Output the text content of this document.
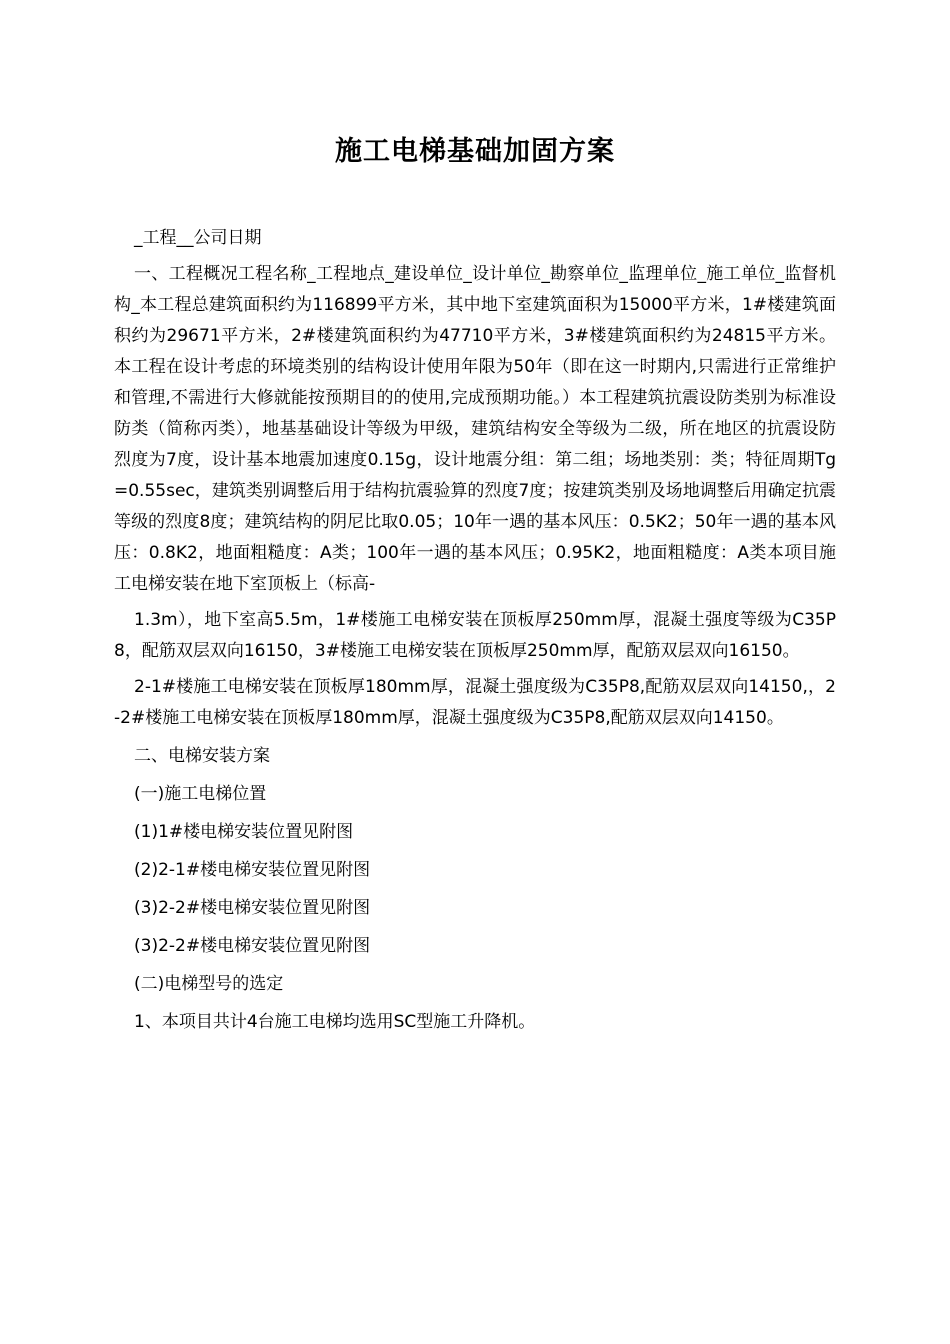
施工电梯基础加固方案

_工程__公司日期

一、工程概况工程名称_工程地点_建设单位_设计单位_勘察单位_监理单位_施工单位_监督机构_本工程总建筑面积约为116899平方米，其中地下室建筑面积为15000平方米，1#楼建筑面积约为29671平方米，2#楼建筑面积约为47710平方米，3#楼建筑面积约为24815平方米。本工程在设计考虑的环境类别的结构设计使用年限为50年（即在这一时期内,只需进行正常维护和管理,不需进行大修就能按预期目的的使用,完成预期功能。）本工程建筑抗震设防类别为标准设防类（简称丙类），地基基础设计等级为甲级，建筑结构安全等级为二级，所在地区的抗震设防烈度为7度，设计基本地震加速度0.15g，设计地震分组：第二组；场地类别：类；特征周期Tg=0.55sec，建筑类别调整后用于结构抗震验算的烈度7度；按建筑类别及场地调整后用确定抗震等级的烈度8度；建筑结构的阴尼比取0.05；10年一遇的基本风压：0.5K2；50年一遇的基本风压：0.8K2，地面粗糙度：A类；100年一遇的基本风压；0.95K2，地面粗糙度：A类本项目施工电梯安装在地下室顶板上（标高-

1.3m），地下室高5.5m，1#楼施工电梯安装在顶板厚250mm厚，混凝土强度等级为C35P8，配筋双层双向16150，3#楼施工电梯安装在顶板厚250mm厚，配筋双层双向16150。

2-1#楼施工电梯安装在顶板厚180mm厚，混凝土强度级为C35P8,配筋双层双向14150,，2-2#楼施工电梯安装在顶板厚180mm厚，混凝土强度级为C35P8,配筋双层双向14150。

二、电梯安装方案

(一)施工电梯位置

(1)1#楼电梯安装位置见附图

(2)2-1#楼电梯安装位置见附图

(3)2-2#楼电梯安装位置见附图

(3)2-2#楼电梯安装位置见附图

(二)电梯型号的选定

1、本项目共计4台施工电梯均选用SC型施工升降机。
